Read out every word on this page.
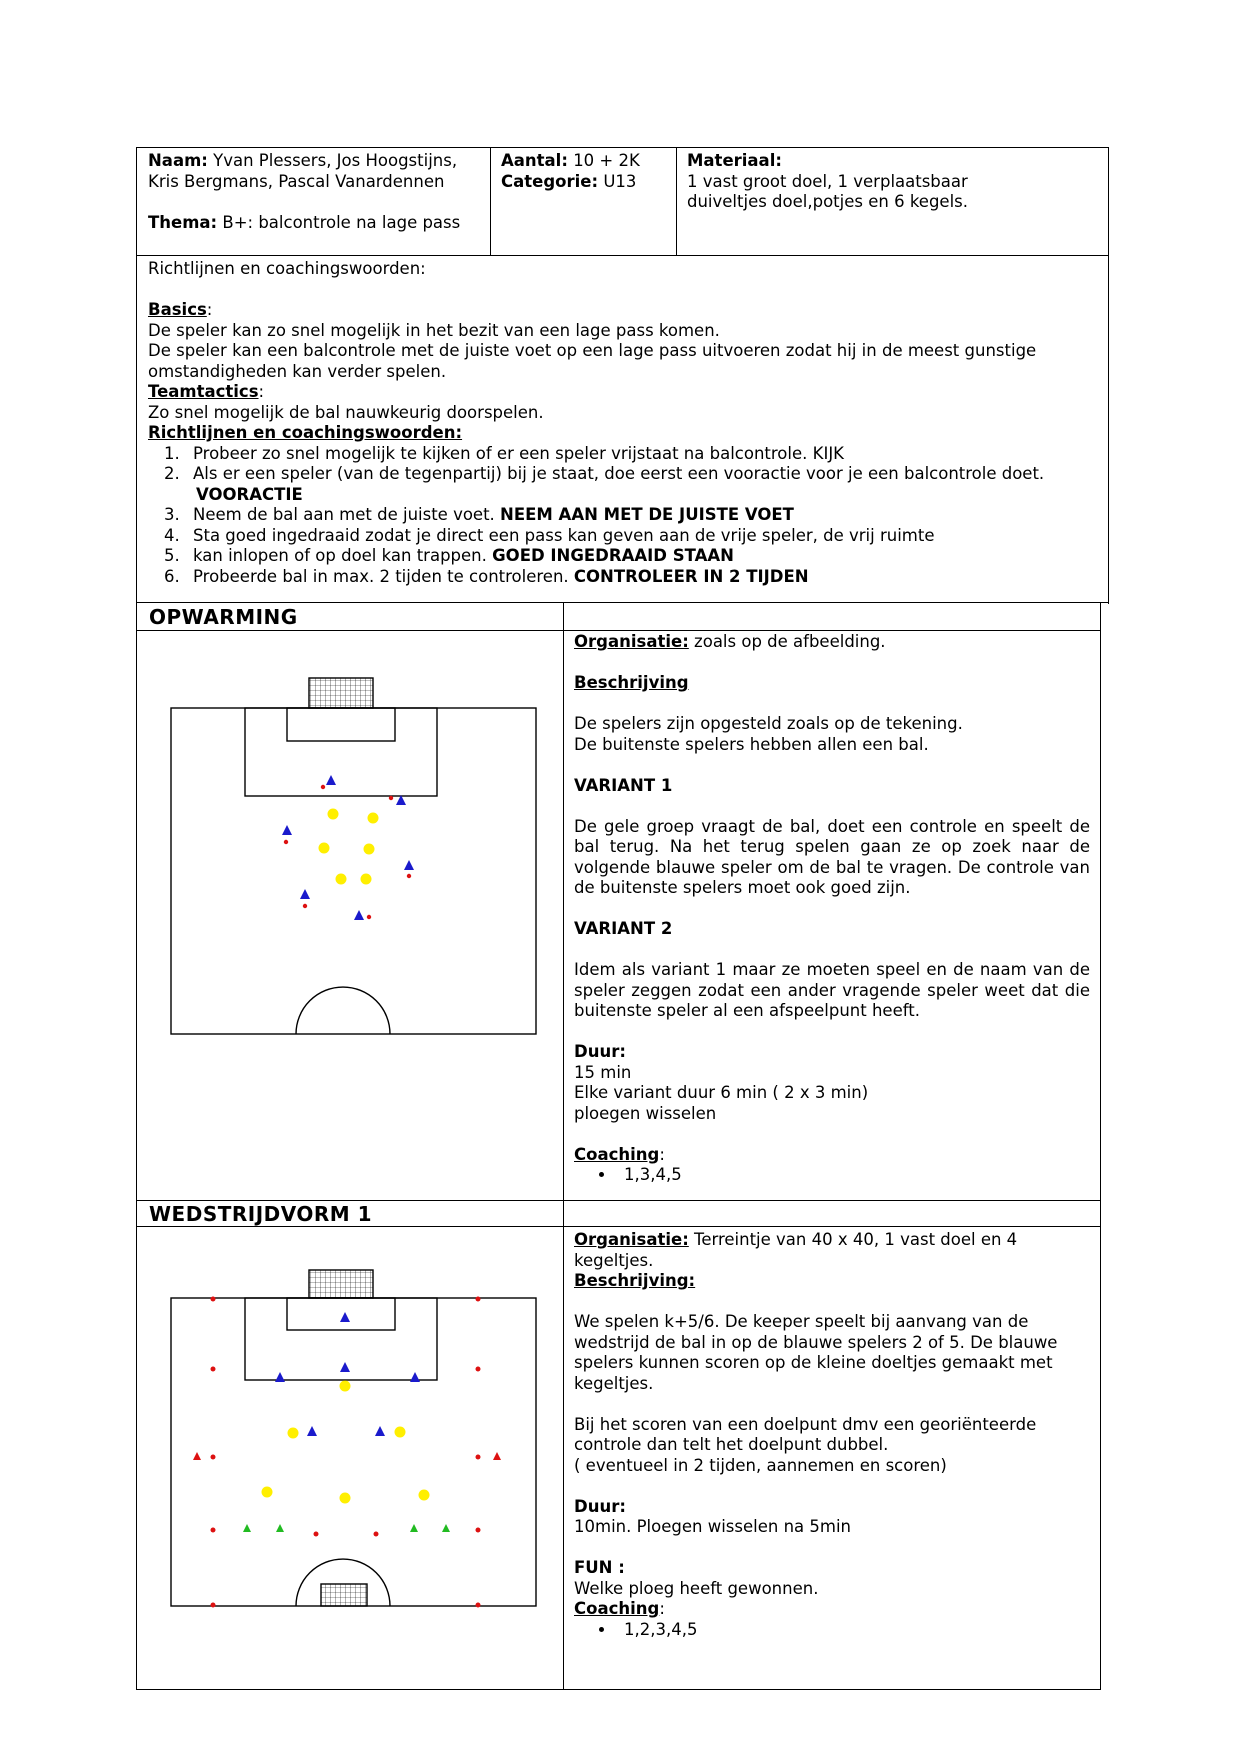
Naam: Yvan Plessers, Jos Hoogstijns,
Kris Bergmans, Pascal Vanardennen

Thema: B+: balcontrole na lage pass
Aantal: 10 + 2K
Categorie: U13
Materiaal:
1 vast groot doel, 1 verplaatsbaar
duiveltjes doel,potjes en 6 kegels.

Richtlijnen en coachingswoorden:

Basics:

De speler kan zo snel mogelijk in het bezit van een lage pass komen.

De speler kan een balcontrole met de juiste voet op een lage pass uitvoeren zodat hij in de meest gunstige omstandigheden kan verder spelen.

Teamtactics:

Zo snel mogelijk de bal nauwkeurig doorspelen.

Richtlijnen en coachingswoorden:

1. Probeer zo snel mogelijk te kijken of er een speler vrijstaat na balcontrole. KIJK
2. Als er een speler (van de tegenpartij) bij je staat, doe eerst een vooractie voor je een balcontrole doet.
VOORACTIE
3. Neem de bal aan met de juiste voet. NEEM AAN MET DE JUISTE VOET
4. Sta goed ingedraaid zodat je direct een pass kan geven aan de vrije speler, de vrij ruimte
5. kan inlopen of op doel kan trappen. GOED INGEDRAAID STAAN
6. Probeerde bal in max. 2 tijden te controleren. CONTROLEER IN 2 TIJDEN
OPWARMING
WEDSTRIJDVORM 1

Organisatie: zoals op de afbeelding.

Beschrijving

De spelers zijn opgesteld zoals op de tekening.

De buitenste spelers hebben allen een bal.

VARIANT 1

De gele groep vraagt de bal, doet een controle en speelt de bal terug. Na het terug spelen gaan ze op zoek naar de volgende blauwe speler om de bal te vragen. De controle van de buitenste spelers moet ook goed zijn.

VARIANT 2

Idem als variant 1 maar ze moeten speel en de naam van de speler zeggen zodat een ander vragende speler weet dat die buitenste speler al een afspeelpunt heeft.

Duur:

15 min

Elke variant duur 6 min ( 2 x 3 min)

ploegen wisselen

Coaching:

• 1,3,4,5

Organisatie: Terreintje van 40 x 40, 1 vast doel en 4 kegeltjes.

Beschrijving:

We spelen k+5/6. De keeper speelt bij aanvang van de wedstrijd de bal in op de blauwe spelers 2 of 5. De blauwe spelers kunnen scoren op de kleine doeltjes gemaakt met kegeltjes.

Bij het scoren van een doelpunt dmv een georiënteerde controle dan telt het doelpunt dubbel.

( eventueel in 2 tijden, aannemen en scoren)

Duur:

10min. Ploegen wisselen na 5min

FUN :

Welke ploeg heeft gewonnen.

Coaching:

• 1,2,3,4,5
